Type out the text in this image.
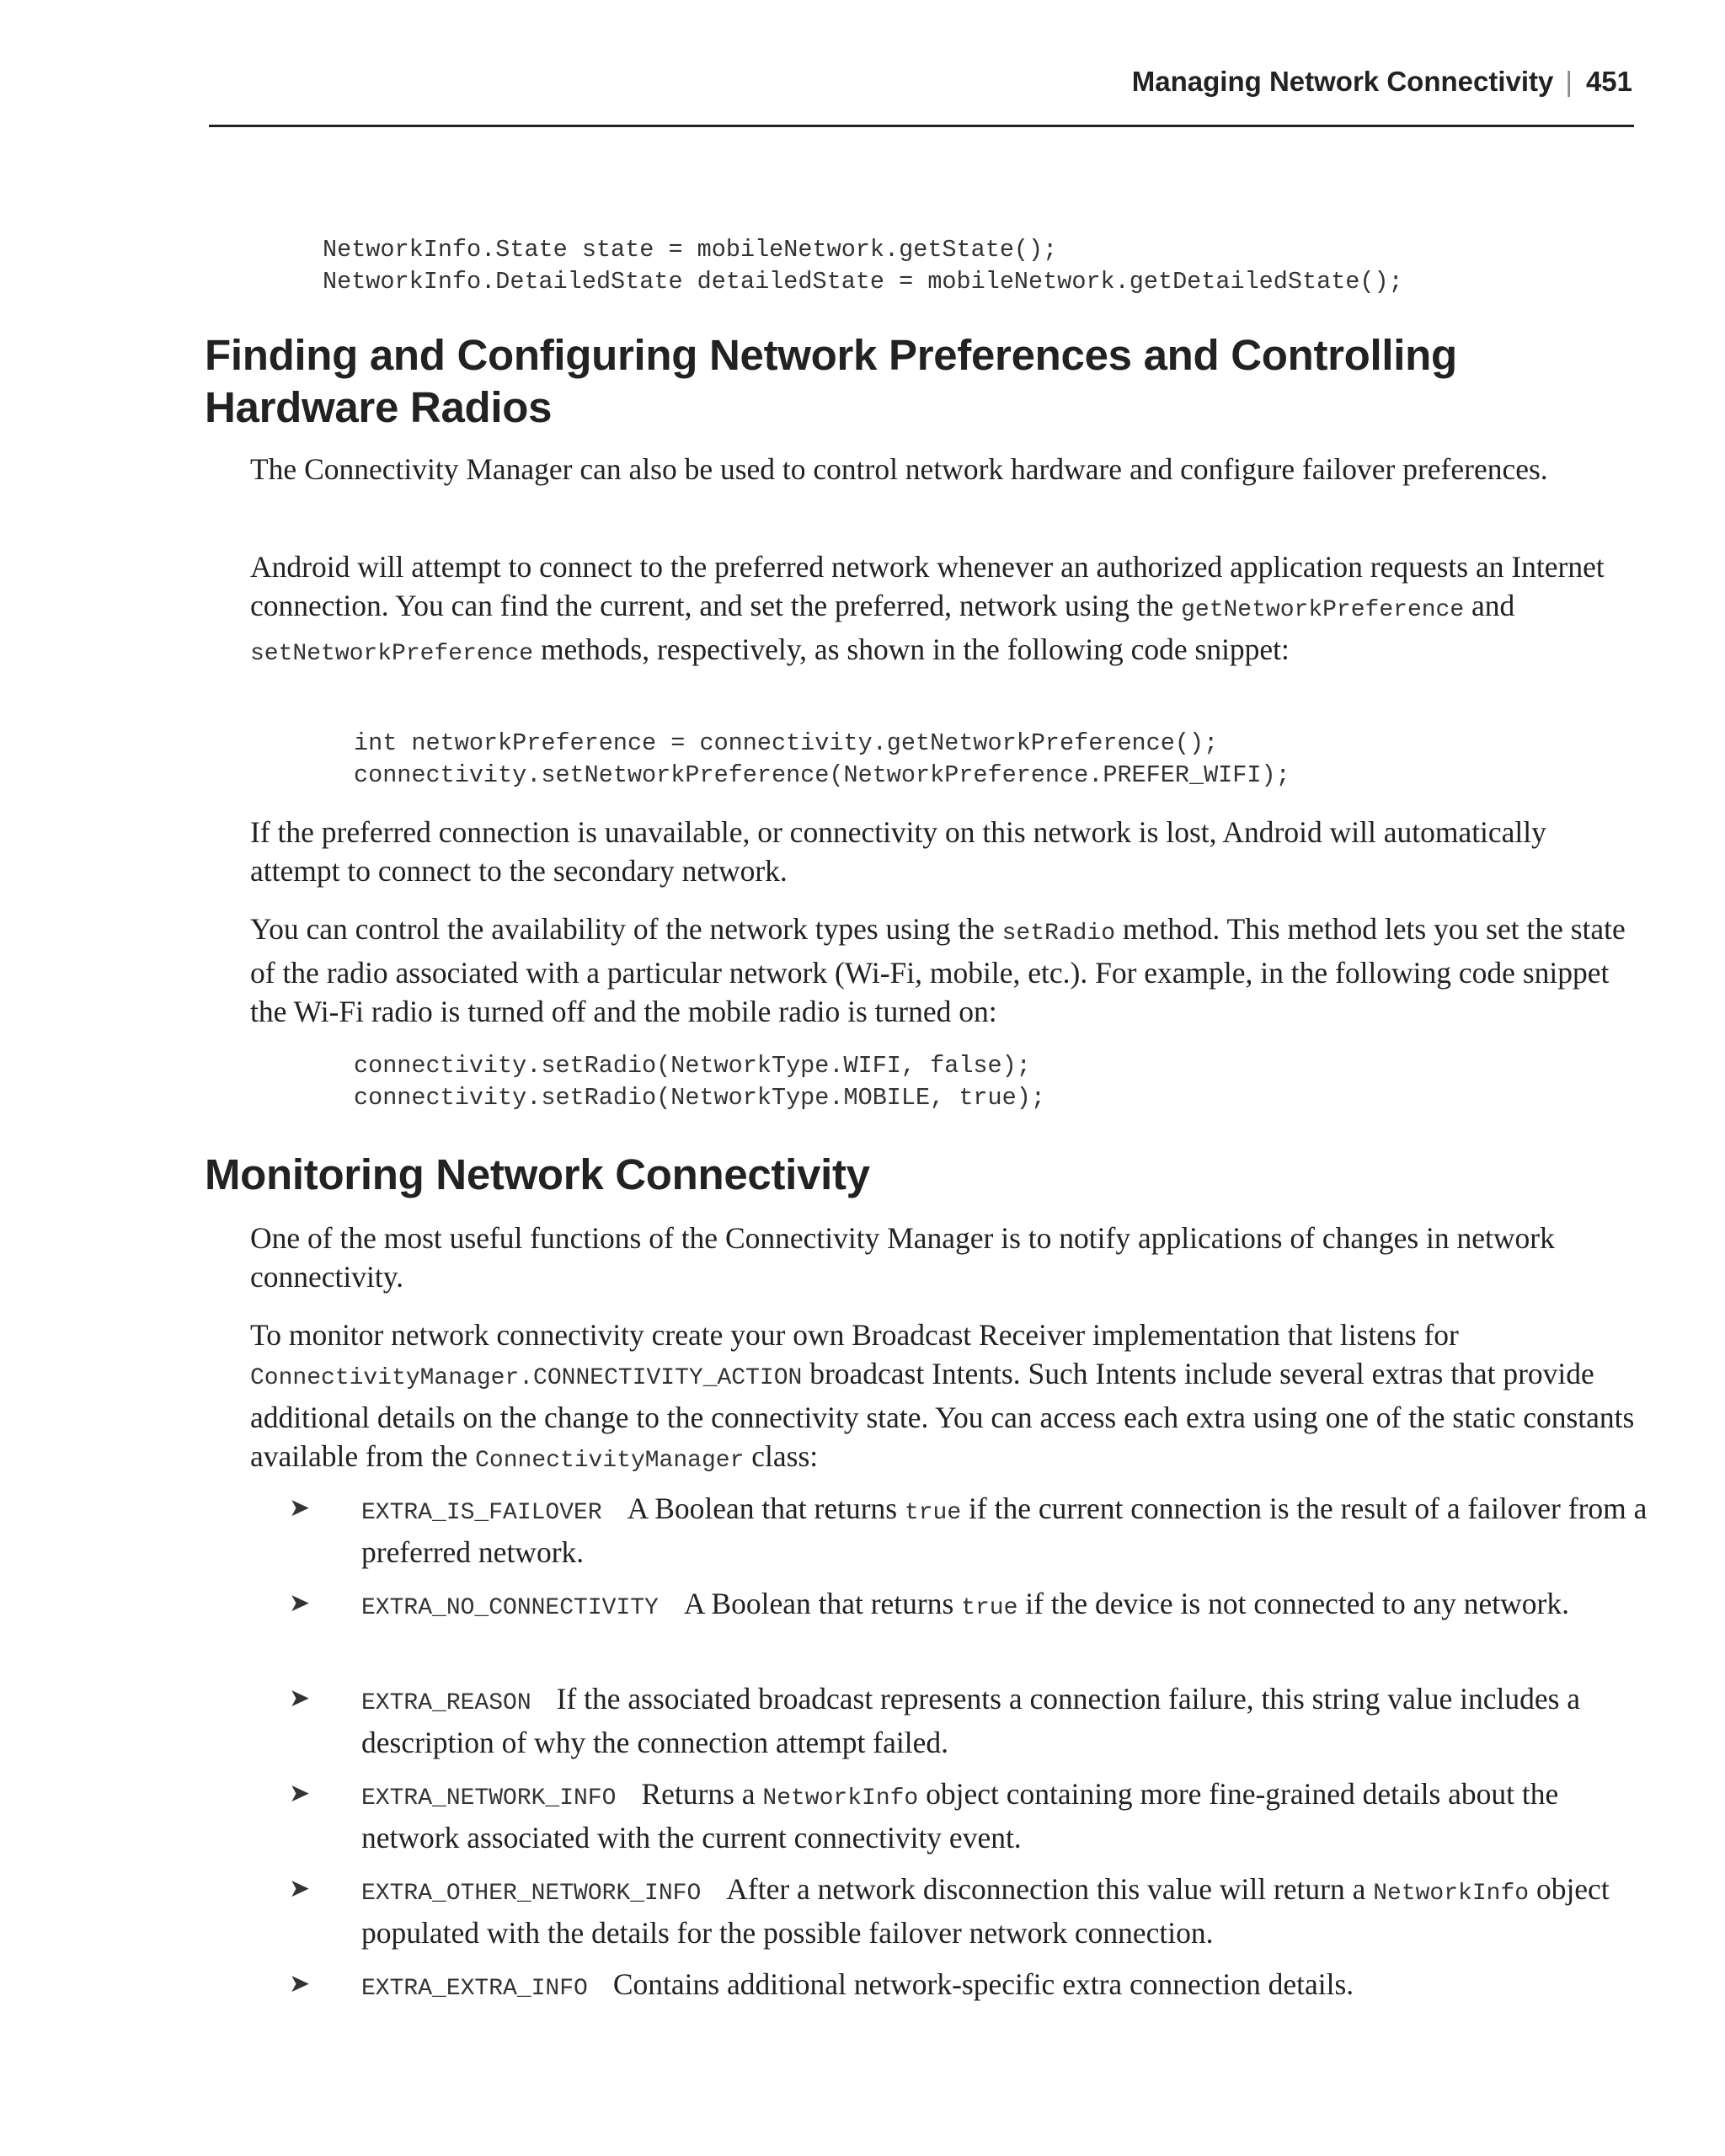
Managing Network Connectivity | 451
NetworkInfo.State state = mobileNetwork.getState();
NetworkInfo.DetailedState detailedState = mobileNetwork.getDetailedState();
Finding and Configuring Network Preferences and Controlling
Hardware Radios

The Connectivity Manager can also be used to control network hardware and configure failover preferences.

Android will attempt to connect to the preferred network whenever an authorized application requests an Internet connection. You can find the current, and set the preferred, network using the getNetworkPreference and setNetworkPreference methods, respectively, as shown in the following code snippet:

int networkPreference = connectivity.getNetworkPreference();
connectivity.setNetworkPreference(NetworkPreference.PREFER_WIFI);

If the preferred connection is unavailable, or connectivity on this network is lost, Android will automatically attempt to connect to the secondary network.

You can control the availability of the network types using the setRadio method. This method lets you set the state of the radio associated with a particular network (Wi-Fi, mobile, etc.). For example, in the following code snippet the Wi-Fi radio is turned off and the mobile radio is turned on:

connectivity.setRadio(NetworkType.WIFI, false);
connectivity.setRadio(NetworkType.MOBILE, true);
Monitoring Network Connectivity

One of the most useful functions of the Connectivity Manager is to notify applications of changes in network connectivity.

To monitor network connectivity create your own Broadcast Receiver implementation that listens for ConnectivityManager.CONNECTIVITY_ACTION broadcast Intents. Such Intents include several extras that provide additional details on the change to the connectivity state. You can access each extra using one of the static constants available from the ConnectivityManager class:

➤ EXTRA_IS_FAILOVER A Boolean that returns true if the current connection is the result of a failover from a preferred network.
➤ EXTRA_NO_CONNECTIVITY A Boolean that returns true if the device is not connected to any network.
➤ EXTRA_REASON If the associated broadcast represents a connection failure, this string value includes a description of why the connection attempt failed.
➤ EXTRA_NETWORK_INFO Returns a NetworkInfo object containing more fine-grained details about the network associated with the current connectivity event.
➤ EXTRA_OTHER_NETWORK_INFO After a network disconnection this value will return a NetworkInfo object populated with the details for the possible failover network connection.
➤ EXTRA_EXTRA_INFO Contains additional network-specific extra connection details.
